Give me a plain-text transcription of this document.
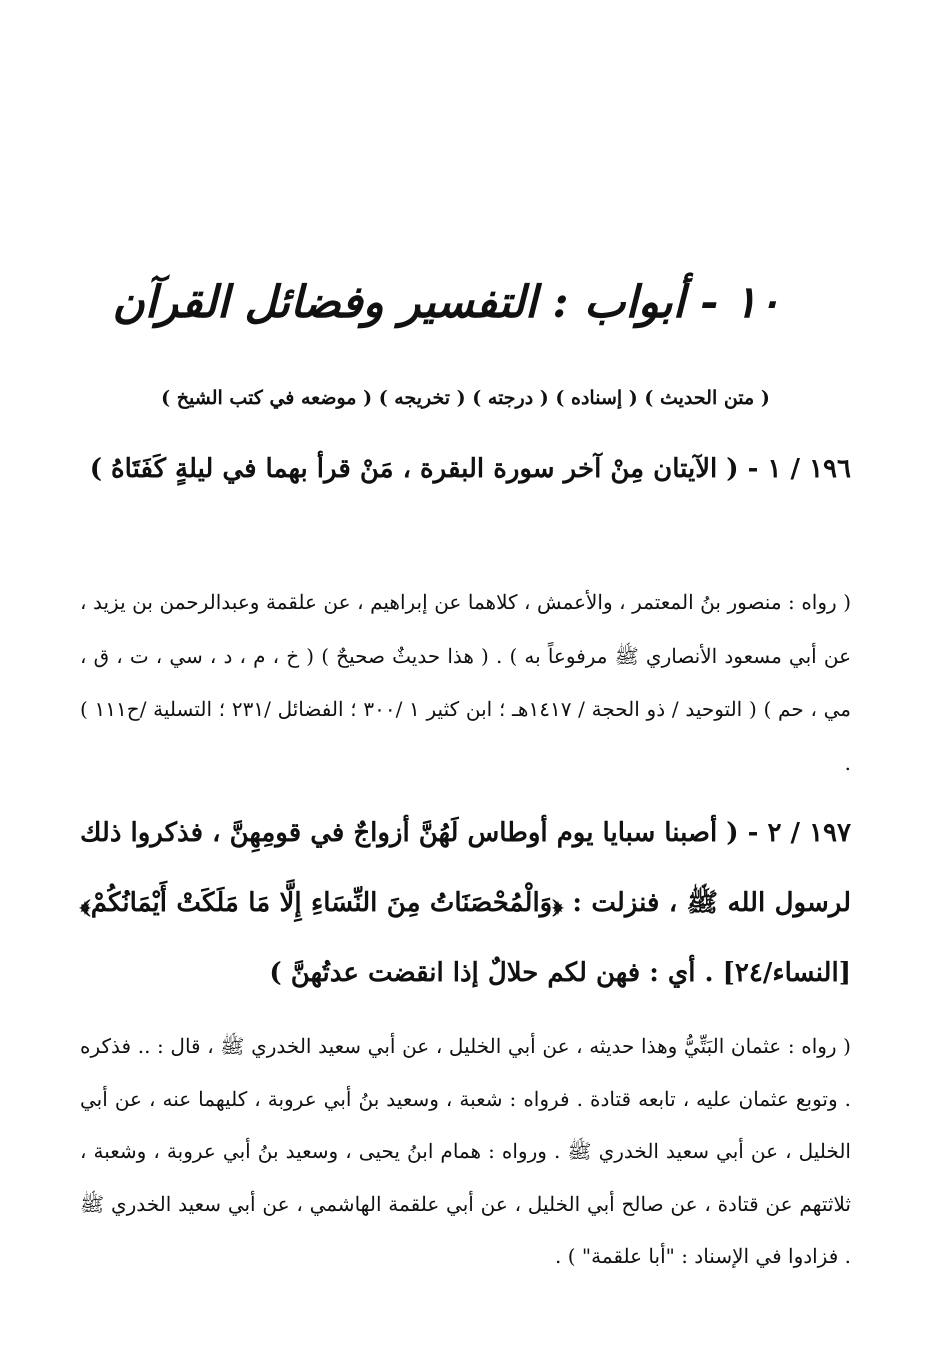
١٠ - أبواب : التفسير وفضائل القرآن
( متن الحديث ) ( إسناده ) ( درجته ) ( تخريجه ) ( موضعه في كتب الشيخ )
١٩٦ / ١ - ( الآيتان مِنْ آخر سورة البقرة ، مَنْ قرأ بهما في ليلةٍ كَفَتَاهُ )
( رواه : منصور بنُ المعتمر ، والأعمش ، كلاهما عن إبراهيم ، عن علقمة وعبدالرحمن بن يزيد ، عن أبي مسعود الأنصاري ﷺ مرفوعاً به ) . ( هذا حديثٌ صحيحٌ ) ( خ ، م ، د ، سي ، ت ، ق ، مي ، حم ) ( التوحيد / ذو الحجة / ١٤١٧هـ ؛ ابن كثير ١ /٣٠٠ ؛ الفضائل /٢٣١ ؛ التسلية /ح١١١ ) .
١٩٧ / ٢ - ( أصبنا سبايا يوم أوطاس لَهُنَّ أزواجٌ في قومِهِنَّ ، فذكروا ذلك لرسول الله ﷺ ، فنزلت : ﴿وَالْمُحْصَنَاتُ مِنَ النِّسَاءِ إِلَّا مَا مَلَكَتْ أَيْمَانُكُمْ﴾ [النساء/٢٤] . أي : فهن لكم حلالٌ إذا انقضت عدتُهنَّ )
( رواه : عثمان البَتِّيُّ وهذا حديثه ، عن أبي الخليل ، عن أبي سعيد الخدري ﷺ ، قال : .. فذكره . وتوبع عثمان عليه ، تابعه قتادة . فرواه : شعبة ، وسعيد بنُ أبي عروبة ، كليهما عنه ، عن أبي الخليل ، عن أبي سعيد الخدري ﷺ . ورواه : همام ابنُ يحيى ، وسعيد بنُ أبي عروبة ، وشعبة ، ثلاثتهم عن قتادة ، عن صالح أبي الخليل ، عن أبي علقمة الهاشمي ، عن أبي سعيد الخدري ﷺ . فزادوا في الإسناد : "أبا علقمة" ) .
